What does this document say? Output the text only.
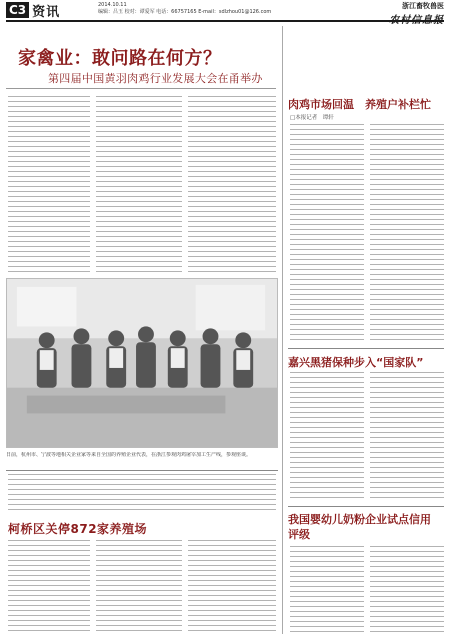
C3 资讯	2014.10.11
编辑：吕玉 校对：谭爱军 电话：66757165 E-mail：sdlzhou01@126.com
浙江畜牧兽医
家禽业：敢问路在何方？
第四届中国黄羽肉鸡行业发展大会在甬举办
日前，杭州市、宁波等地相关企业家等来自全国的养殖企业代表，在浙江参观肉鸡屠宰加工生产线，参观座谈。
柯桥区关停872家养殖场
肉鸡市场回温　养殖户补栏忙
□本报记者　谭轩
嘉兴黑猪保种步入“国家队”
我国婴幼儿奶粉企业试点信用评级
